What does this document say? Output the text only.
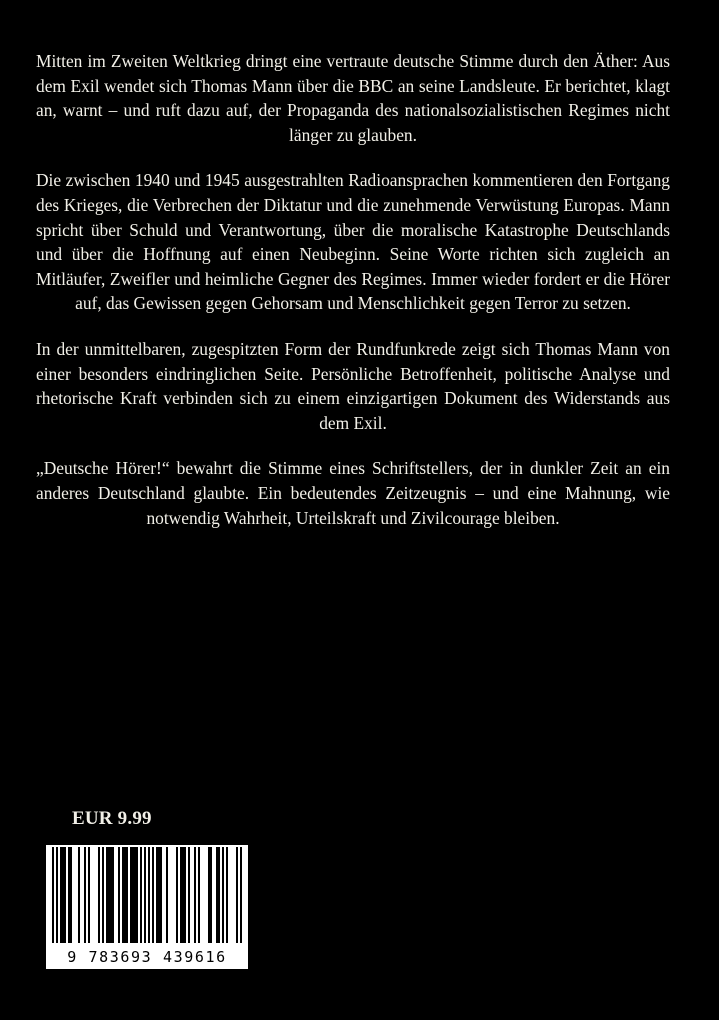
Mitten im Zweiten Weltkrieg dringt eine vertraute deutsche Stimme durch den Äther: Aus dem Exil wendet sich Thomas Mann über die BBC an seine Landsleute. Er berichtet, klagt an, warnt – und ruft dazu auf, der Propaganda des nationalsozialistischen Regimes nicht länger zu glauben.

Die zwischen 1940 und 1945 ausgestrahlten Radioansprachen kommentieren den Fortgang des Krieges, die Verbrechen der Diktatur und die zunehmende Verwüstung Europas. Mann spricht über Schuld und Verantwortung, über die moralische Katastrophe Deutschlands und über die Hoffnung auf einen Neubeginn. Seine Worte richten sich zugleich an Mitläufer, Zweifler und heimliche Gegner des Regimes. Immer wieder fordert er die Hörer auf, das Gewissen gegen Gehorsam und Menschlichkeit gegen Terror zu setzen.

In der unmittelbaren, zugespitzten Form der Rundfunkrede zeigt sich Thomas Mann von einer besonders eindringlichen Seite. Persönliche Betroffenheit, politische Analyse und rhetorische Kraft verbinden sich zu einem einzigartigen Dokument des Widerstands aus dem Exil.

„Deutsche Hörer!“ bewahrt die Stimme eines Schriftstellers, der in dunkler Zeit an ein anderes Deutschland glaubte. Ein bedeutendes Zeitzeugnis – und eine Mahnung, wie notwendig Wahrheit, Urteilskraft und Zivilcourage bleiben.

EUR 9.99
9 783693 439616
